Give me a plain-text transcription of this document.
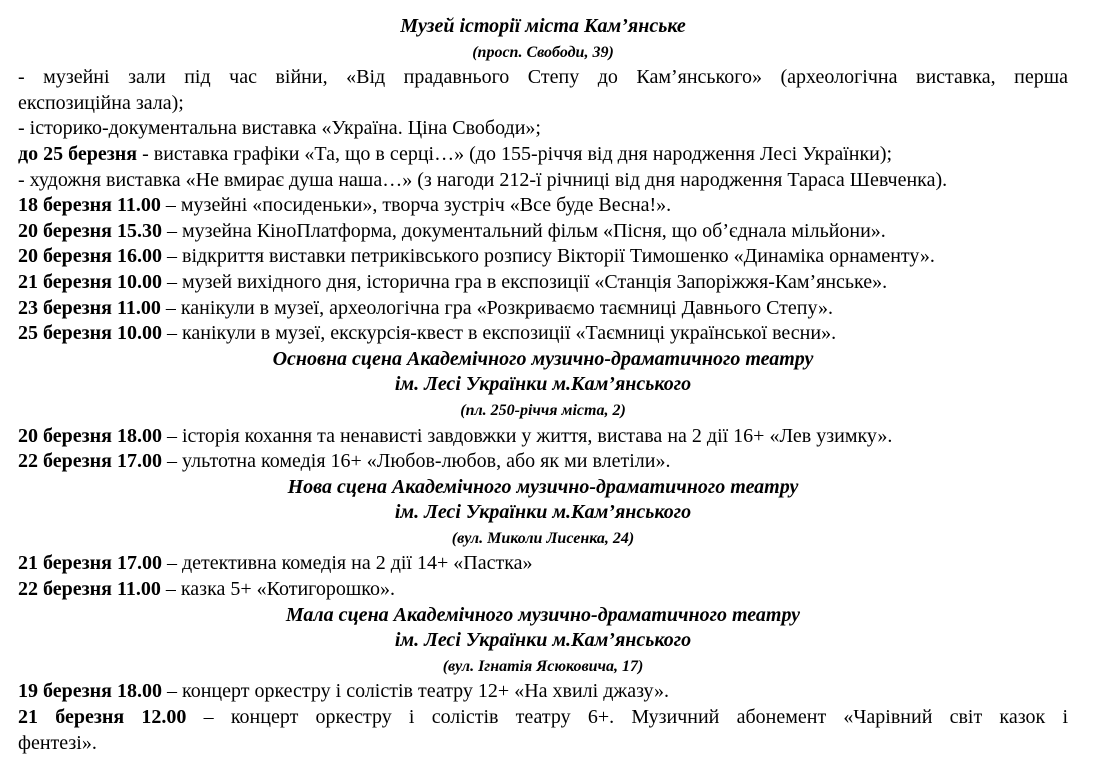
Музей історії міста Кам’янське
(просп. Свободи, 39)
- музейні зали під час війни, «Від прадавнього Степу до Кам’янського» (археологічна виставка, перша
експозиційна зала);
- історико-документальна виставка «Україна. Ціна Свободи»;
до 25 березня - виставка графіки «Та, що в серці…» (до 155-річчя від дня народження Лесі Українки);
- художня виставка «Не вмирає душа наша…» (з нагоди 212-ї річниці від дня народження Тараса Шевченка).
18 березня 11.00 – музейні «посиденьки», творча зустріч «Все буде Весна!».
20 березня 15.30 – музейна КіноПлатформа, документальний фільм «Пісня, що об’єднала мільйони».
20 березня 16.00 – відкриття виставки петриківського розпису Вікторії Тимошенко «Динаміка орнаменту».
21 березня 10.00 – музей вихідного дня, історична гра в експозиції «Станція Запоріжжя-Кам’янське».
23 березня 11.00 – канікули в музеї, археологічна гра «Розкриваємо таємниці Давнього Степу».
25 березня 10.00 – канікули в музеї, екскурсія-квест в експозиції «Таємниці української весни».
Основна сцена Академічного музично-драматичного театру
ім. Лесі Українки м.Кам’янського
(пл. 250-річчя міста, 2)
20 березня 18.00 – історія кохання та ненависті завдовжки у життя, вистава на 2 дії 16+ «Лев узимку».
22 березня 17.00 – ультотна комедія 16+ «Любов-любов, або як ми влетіли».
Нова сцена Академічного музично-драматичного театру
ім. Лесі Українки м.Кам’янського
(вул. Миколи Лисенка, 24)
21 березня 17.00 – детективна комедія на 2 дії 14+ «Пастка»
22 березня 11.00 – казка 5+ «Котигорошко».
Мала сцена Академічного музично-драматичного театру
ім. Лесі Українки м.Кам’янського
(вул. Ігнатія Ясюковича, 17)
19 березня 18.00 – концерт оркестру і солістів театру 12+ «На хвилі джазу».
21 березня 12.00 – концерт оркестру і солістів театру 6+. Музичний абонемент «Чарівний світ казок і
фентезі».
